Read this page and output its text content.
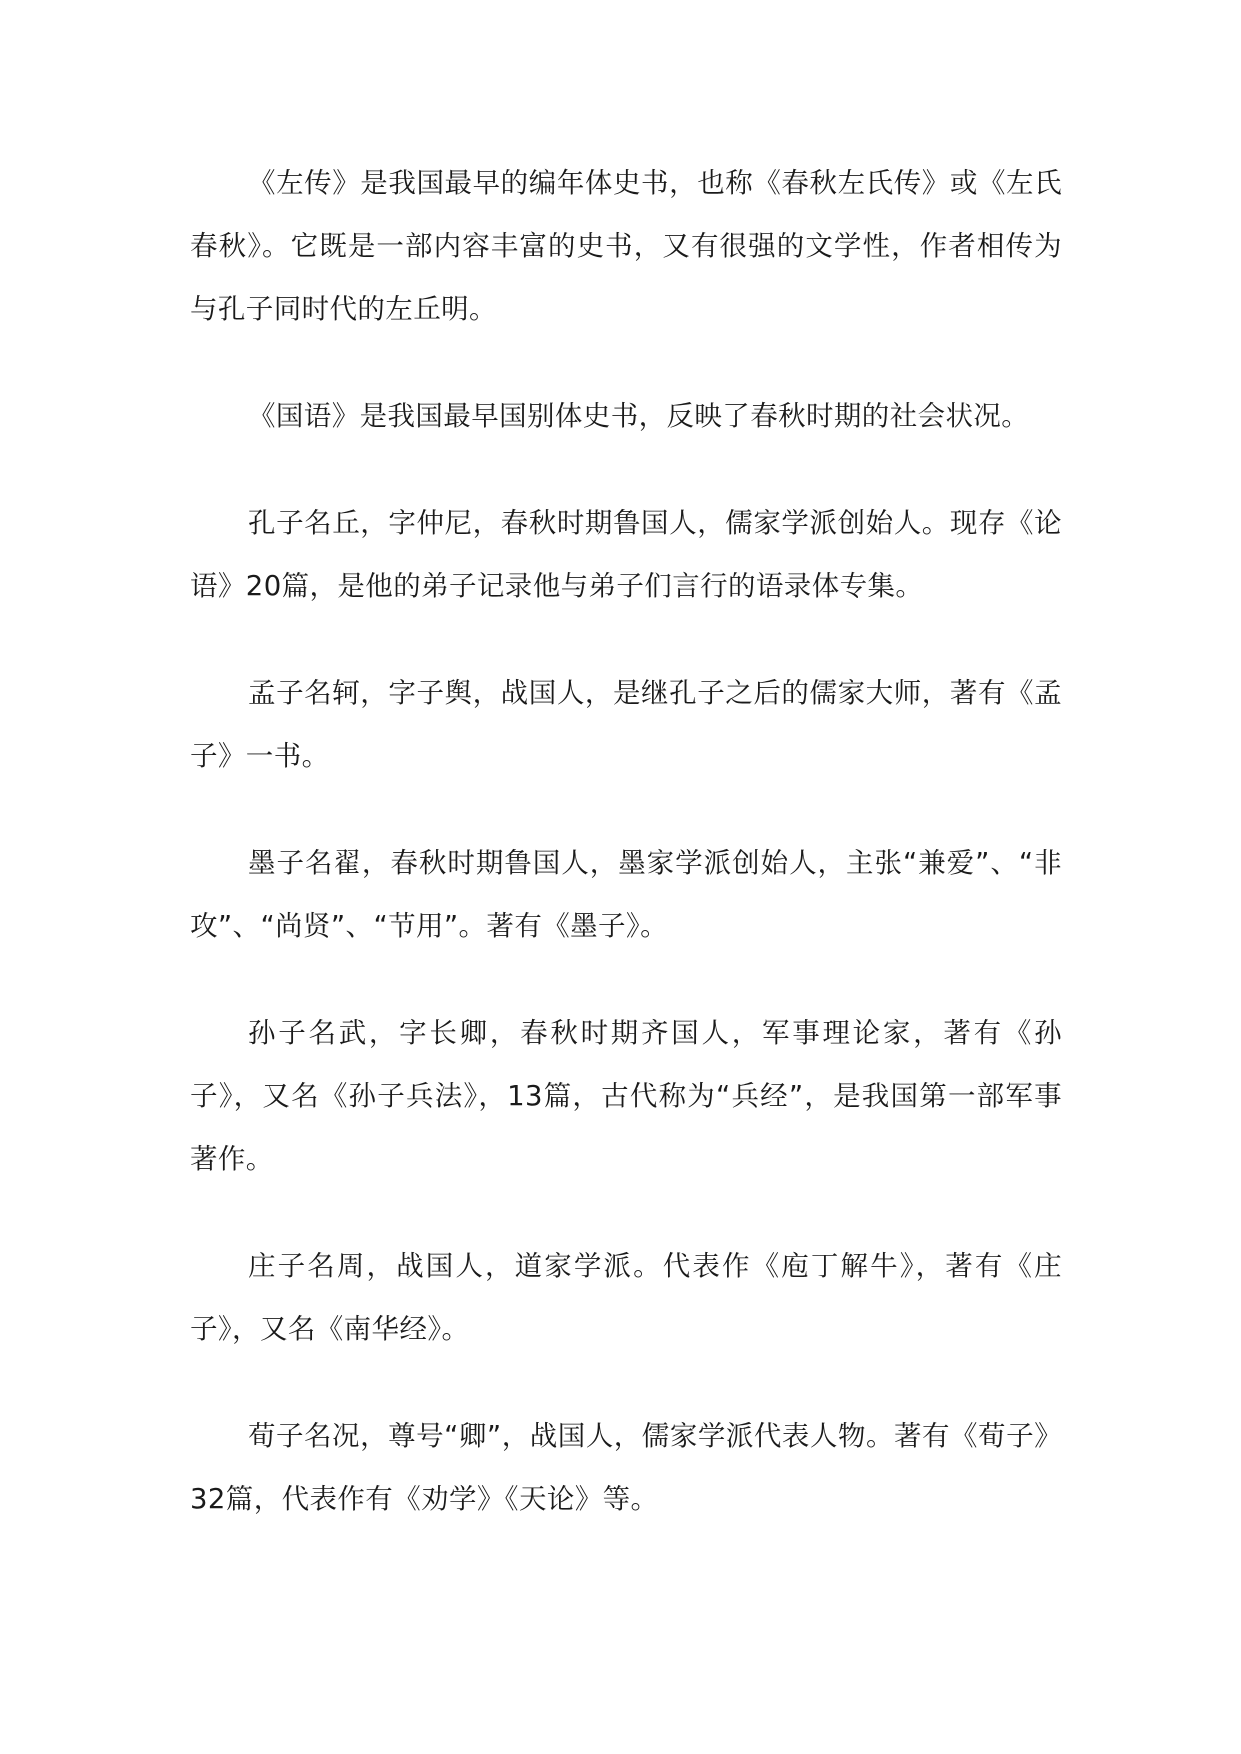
《左传》是我国最早的编年体史书，也称《春秋左氏传》或《左氏春秋》。它既是一部内容丰富的史书，又有很强的文学性，作者相传为与孔子同时代的左丘明。

《国语》是我国最早国别体史书，反映了春秋时期的社会状况。

孔子名丘，字仲尼，春秋时期鲁国人，儒家学派创始人。现存《论语》20篇，是他的弟子记录他与弟子们言行的语录体专集。

孟子名轲，字子舆，战国人，是继孔子之后的儒家大师，著有《孟子》一书。

墨子名翟，春秋时期鲁国人，墨家学派创始人，主张“兼爱”、“非攻”、“尚贤”、“节用”。著有《墨子》。

孙子名武，字长卿，春秋时期齐国人，军事理论家，著有《孙子》，又名《孙子兵法》，13篇，古代称为“兵经”，是我国第一部军事著作。

庄子名周，战国人，道家学派。代表作《庖丁解牛》，著有《庄子》，又名《南华经》。

荀子名况，尊号“卿”，战国人，儒家学派代表人物。著有《荀子》32篇，代表作有《劝学》《天论》等。
